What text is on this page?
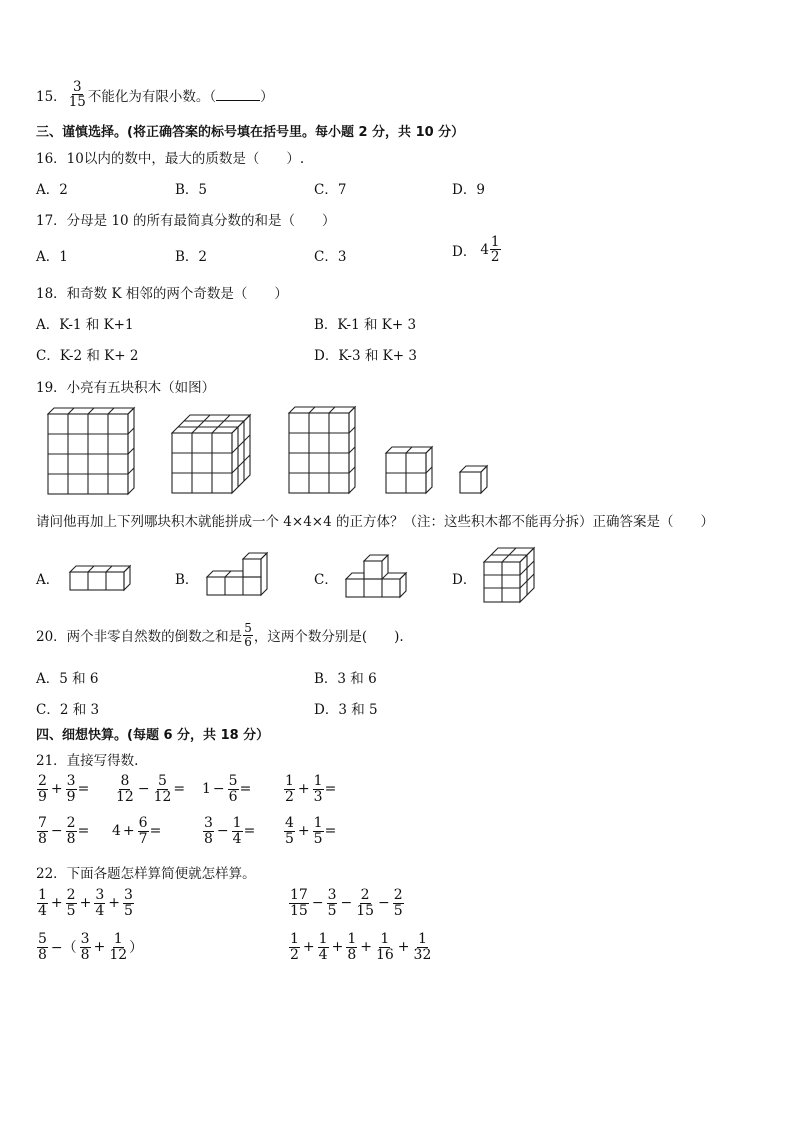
15． $\frac{3}{15}$ 不能化为有限小数。（	）
三、谨慎选择。(将正确答案的标号填在括号里。每小题 2 分，共 10 分）
16．10以内的数中，最大的质数是（　　）.
A．2	B．5	C．7	D．9
17．分母是 10 的所有最简真分数的和是（　　）
A．1	B．2	C．3	D． $4 \frac{1}{2}$
18．和奇数 K 相邻的两个奇数是（　　）
A．K-1 和 K+1	B．K-1 和 K+ 3
C．K-2 和 K+ 2	D．K-3 和 K+ 3
19．小亮有五块积木（如图）
请问他再加上下列哪块积木就能拼成一个 4×4×4 的正方体？（注：这些积木都不能再分拆）正确答案是（　　）
A．	B．	C．	D．
20．两个非零自然数的倒数之和是 $\frac{5}{6}$ ，这两个数分别是(　　).
A．5 和 6	B．3 和 6
C．2 和 3	D．3 和 5
四、细想快算。(每题 6 分，共 18 分）
21．直接写得数.
$\frac{2}{9} + \frac{3}{9} = \frac{8}{12} - \frac{5}{12} = 1 - \frac{5}{6} = \frac{1}{2} + \frac{1}{3}$ =
$\frac{7}{8} - \frac{2}{8} = 4 + \frac{6}{7}$ =	$\frac{3}{8} - \frac{1}{4} = \frac{4}{5} + \frac{1}{5}$ =
22．下面各题怎样算简便就怎样算。
$\frac{1}{4} + \frac{2}{5} + \frac{3}{4} + \frac{3}{5}$	$\frac{17}{15} - \frac{3}{5} - \frac{2}{15} - \frac{2}{5}$
$\frac{5}{8}$ −（ $\frac{3}{8} + \frac{1}{12}$ ）	$\frac{1}{2} + \frac{1}{4} + \frac{1}{8} + \frac{1}{16} + \frac{1}{32}$
